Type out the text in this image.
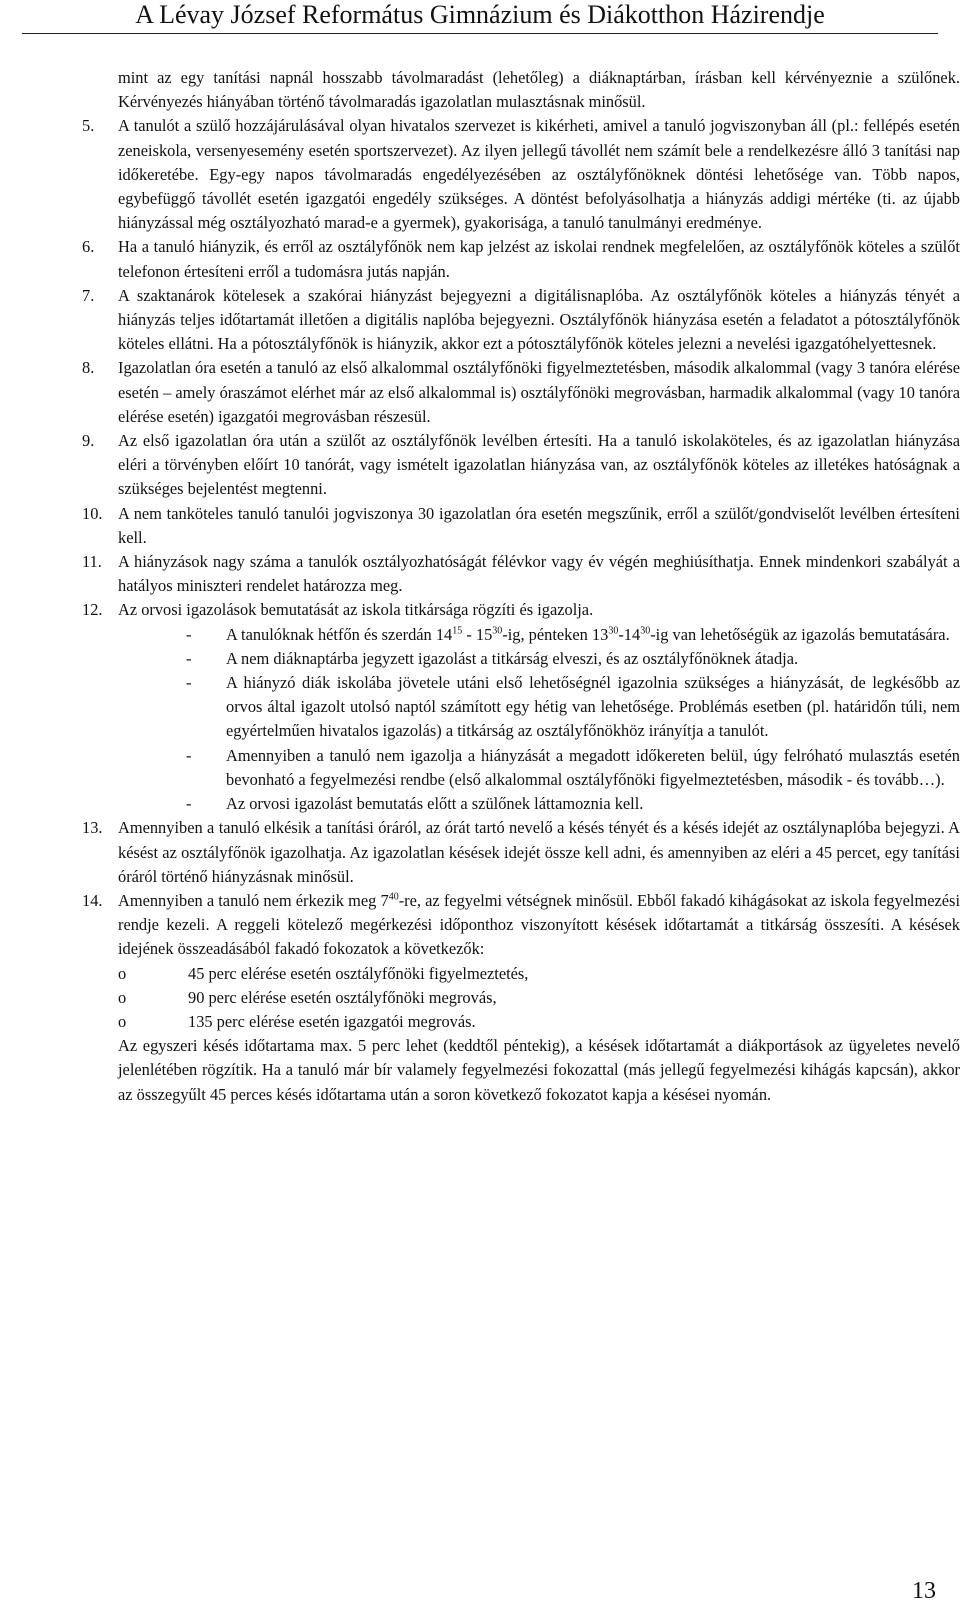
A Lévay József Református Gimnázium és Diákotthon Házirendje

mint az egy tanítási napnál hosszabb távolmaradást (lehetőleg) a diáknaptárban, írásban kell kérvényeznie a szülőnek. Kérvényezés hiányában történő távolmaradás igazolatlan mulasztásnak minősül.

5. A tanulót a szülő hozzájárulásával olyan hivatalos szervezet is kikérheti, amivel a tanuló jogviszonyban áll (pl.: fellépés esetén zeneiskola, versenyesemény esetén sportszervezet). Az ilyen jellegű távollét nem számít bele a rendelkezésre álló 3 tanítási nap időkeretébe. Egy-egy napos távolmaradás engedélyezésében az osztályfőnöknek döntési lehetősége van. Több napos, egybefüggő távollét esetén igazgatói engedély szükséges. A döntést befolyásolhatja a hiányzás addigi mértéke (ti. az újabb hiányzással még osztályozható marad-e a gyermek), gyakorisága, a tanuló tanulmányi eredménye.

6. Ha a tanuló hiányzik, és erről az osztályfőnök nem kap jelzést az iskolai rendnek megfelelően, az osztályfőnök köteles a szülőt telefonon értesíteni erről a tudomásra jutás napján.

7. A szaktanárok kötelesek a szakórai hiányzást bejegyezni a digitálisnaplóba. Az osztályfőnök köteles a hiányzás tényét a hiányzás teljes időtartamát illetően a digitális naplóba bejegyezni. Osztályfőnök hiányzása esetén a feladatot a pótosztályfőnök köteles ellátni. Ha a pótosztályfőnök is hiányzik, akkor ezt a pótosztályfőnök köteles jelezni a nevelési igazgatóhelyettesnek.

8. Igazolatlan óra esetén a tanuló az első alkalommal osztályfőnöki figyelmeztetésben, második alkalommal (vagy 3 tanóra elérése esetén – amely óraszámot elérhet már az első alkalommal is) osztályfőnöki megrovásban, harmadik alkalommal (vagy 10 tanóra elérése esetén) igazgatói megrovásban részesül.

9. Az első igazolatlan óra után a szülőt az osztályfőnök levélben értesíti. Ha a tanuló iskolaköteles, és az igazolatlan hiányzása eléri a törvényben előírt 10 tanórát, vagy ismételt igazolatlan hiányzása van, az osztályfőnök köteles az illetékes hatóságnak a szükséges bejelentést megtenni.

10. A nem tanköteles tanuló tanulói jogviszonya 30 igazolatlan óra esetén megszűnik, erről a szülőt/gondviselőt levélben értesíteni kell.

11. A hiányzások nagy száma a tanulók osztályozhatóságát félévkor vagy év végén meghiúsíthatja. Ennek mindenkori szabályát a hatályos miniszteri rendelet határozza meg.

12. Az orvosi igazolások bemutatását az iskola titkársága rögzíti és igazolja.

- A tanulóknak hétfőn és szerdán $14^{15} - 15^{30}-ig$, pénteken $13^{30}-14^{30}-ig$ van lehetőségük az igazolás bemutatására.

- A nem diáknaptárba jegyzett igazolást a titkárság elveszi, és az osztályfőnöknek átadja.

- A hiányzó diák iskolába jövetele utáni első lehetőségnél igazolnia szükséges a hiányzását, de legkésőbb az orvos által igazolt utolsó naptól számított egy hétig van lehetősége. Problémás esetben (pl. határidőn túli, nem egyértelműen hivatalos igazolás) a titkárság az osztályfőnökhöz irányítja a tanulót.

- Amennyiben a tanuló nem igazolja a hiányzását a megadott időkereten belül, úgy felróható mulasztás esetén bevonható a fegyelmezési rendbe (első alkalommal osztályfőnöki figyelmeztetésben, második - és tovább…).

- Az orvosi igazolást bemutatás előtt a szülőnek láttamoznia kell.

13. Amennyiben a tanuló elkésik a tanítási óráról, az órát tartó nevelő a késés tényét és a késés idejét az osztálynaplóba bejegyzi. A késést az osztályfőnök igazolhatja. Az igazolatlan késések idejét össze kell adni, és amennyiben az eléri a 45 percet, egy tanítási óráról történő hiányzásnak minősül.

14. Amennyiben a tanuló nem érkezik meg $7^{40}-re$, az fegyelmi vétségnek minősül. Ebből fakadó kihágásokat az iskola fegyelmezési rendje kezeli. A reggeli kötelező megérkezési időponthoz viszonyított késések időtartamát a titkárság összesíti. A késések idejének összeadásából fakadó fokozatok a következők:

o	45 perc elérése esetén osztályfőnöki figyelmeztetés,

o	90 perc elérése esetén osztályfőnöki megrovás,

o	135 perc elérése esetén igazgatói megrovás.

Az egyszeri késés időtartama max. 5 perc lehet (keddtől péntekig), a késések időtartamát a diákportások az ügyeletes nevelő jelenlétében rögzítik. Ha a tanuló már bír valamely fegyelmezési fokozattal (más jellegű fegyelmezési kihágás kapcsán), akkor az összegyűlt 45 perces késés időtartama után a soron következő fokozatot kapja a késései nyomán.

13
